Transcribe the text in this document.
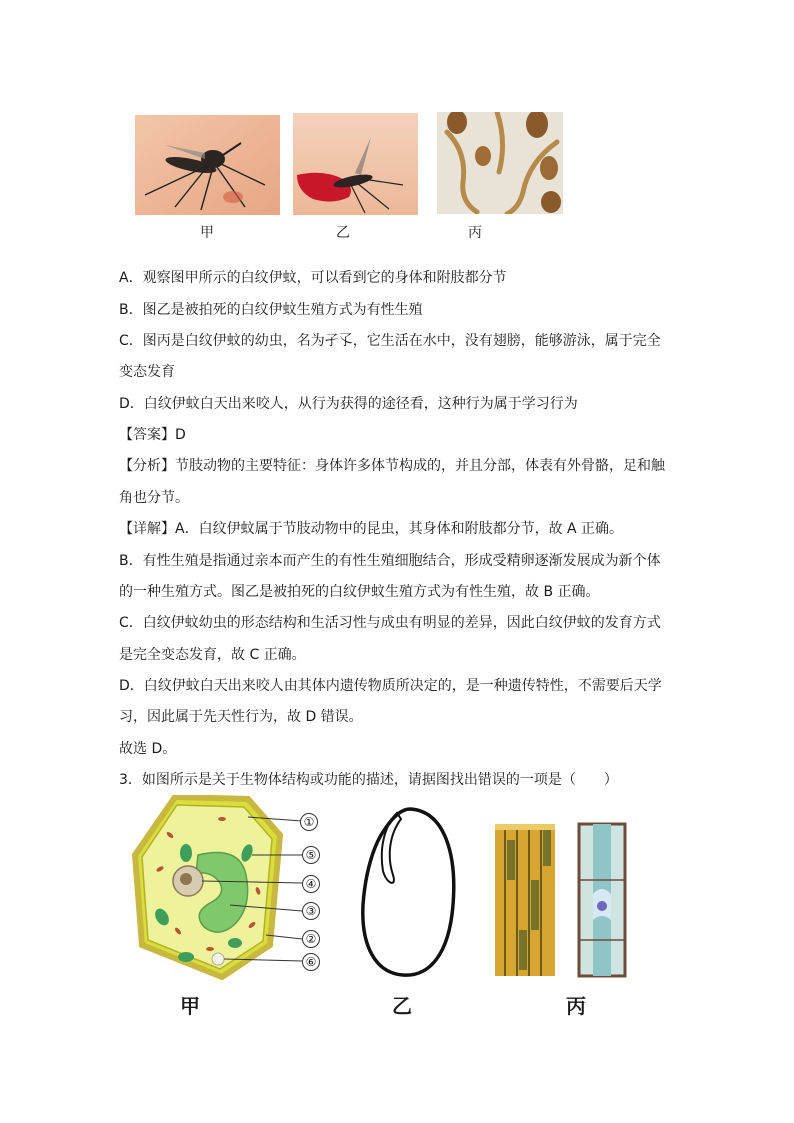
甲	乙	丙
A．观察图甲所示的白纹伊蚊，可以看到它的身体和附肢都分节
B．图乙是被拍死的白纹伊蚊生殖方式为有性生殖
C．图丙是白纹伊蚊的幼虫，名为孑孓，它生活在水中，没有翅膀，能够游泳，属于完全
变态发育
D．白纹伊蚊白天出来咬人，从行为获得的途径看，这种行为属于学习行为
【答案】D
【分析】节肢动物的主要特征：身体许多体节构成的，并且分部，体表有外骨骼，足和触
角也分节。
【详解】A．白纹伊蚊属于节肢动物中的昆虫，其身体和附肢都分节，故 A 正确。
B．有性生殖是指通过亲本而产生的有性生殖细胞结合，形成受精卵逐渐发展成为新个体
的一种生殖方式。图乙是被拍死的白纹伊蚊生殖方式为有性生殖，故 B 正确。
C．白纹伊蚊幼虫的形态结构和生活习性与成虫有明显的差异，因此白纹伊蚊的发育方式
是完全变态发育，故 C 正确。
D．白纹伊蚊白天出来咬人由其体内遗传物质所决定的，是一种遗传特性，不需要后天学
习，因此属于先天性行为，故 D 错误。
故选 D。
3．如图所示是关于生物体结构或功能的描述，请据图找出错误的一项是（　　）
①
⑤
④
③
②
⑥
甲	乙	丙
